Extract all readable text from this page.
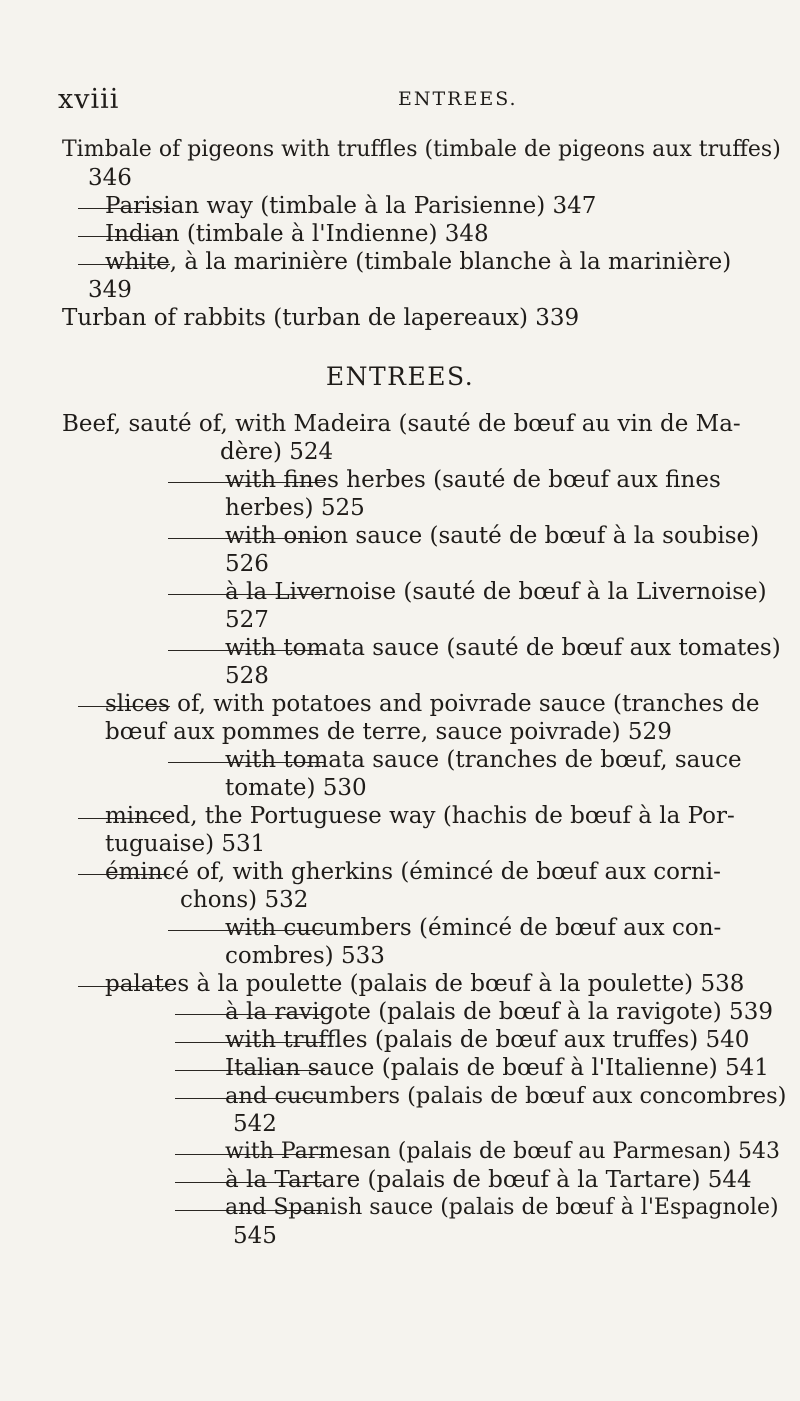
xviii	ENTREES.
Timbale of pigeons with truffles (timbale de pigeons aux truffes)
346
Parisian way (timbale à la Parisienne) 347
Indian (timbale à l'Indienne) 348
white, à la marinière (timbale blanche à la marinière)
349
Turban of rabbits (turban de lapereaux) 339
ENTREES.
Beef, sauté of, with Madeira (sauté de bœuf au vin de Ma-
dère) 524
with fines herbes (sauté de bœuf aux fines
herbes) 525
with onion sauce (sauté de bœuf à la soubise)
526
à la Livernoise (sauté de bœuf à la Livernoise)
527
with tomata sauce (sauté de bœuf aux tomates)
528
slices of, with potatoes and poivrade sauce (tranches de
bœuf aux pommes de terre, sauce poivrade) 529
with tomata sauce (tranches de bœuf, sauce
tomate) 530
minced, the Portuguese way (hachis de bœuf à la Por-
tuguaise) 531
émincé of, with gherkins (émincé de bœuf aux corni-
chons) 532
with cucumbers (émincé de bœuf aux con-
combres) 533
palates à la poulette (palais de bœuf à la poulette) 538
à la ravigote (palais de bœuf à la ravigote) 539
with truffles (palais de bœuf aux truffes) 540
Italian sauce (palais de bœuf à l'Italienne) 541
and cucumbers (palais de bœuf aux concombres)
542
with Parmesan (palais de bœuf au Parmesan) 543
à la Tartare (palais de bœuf à la Tartare) 544
and Spanish sauce (palais de bœuf à l'Espagnole)
545
